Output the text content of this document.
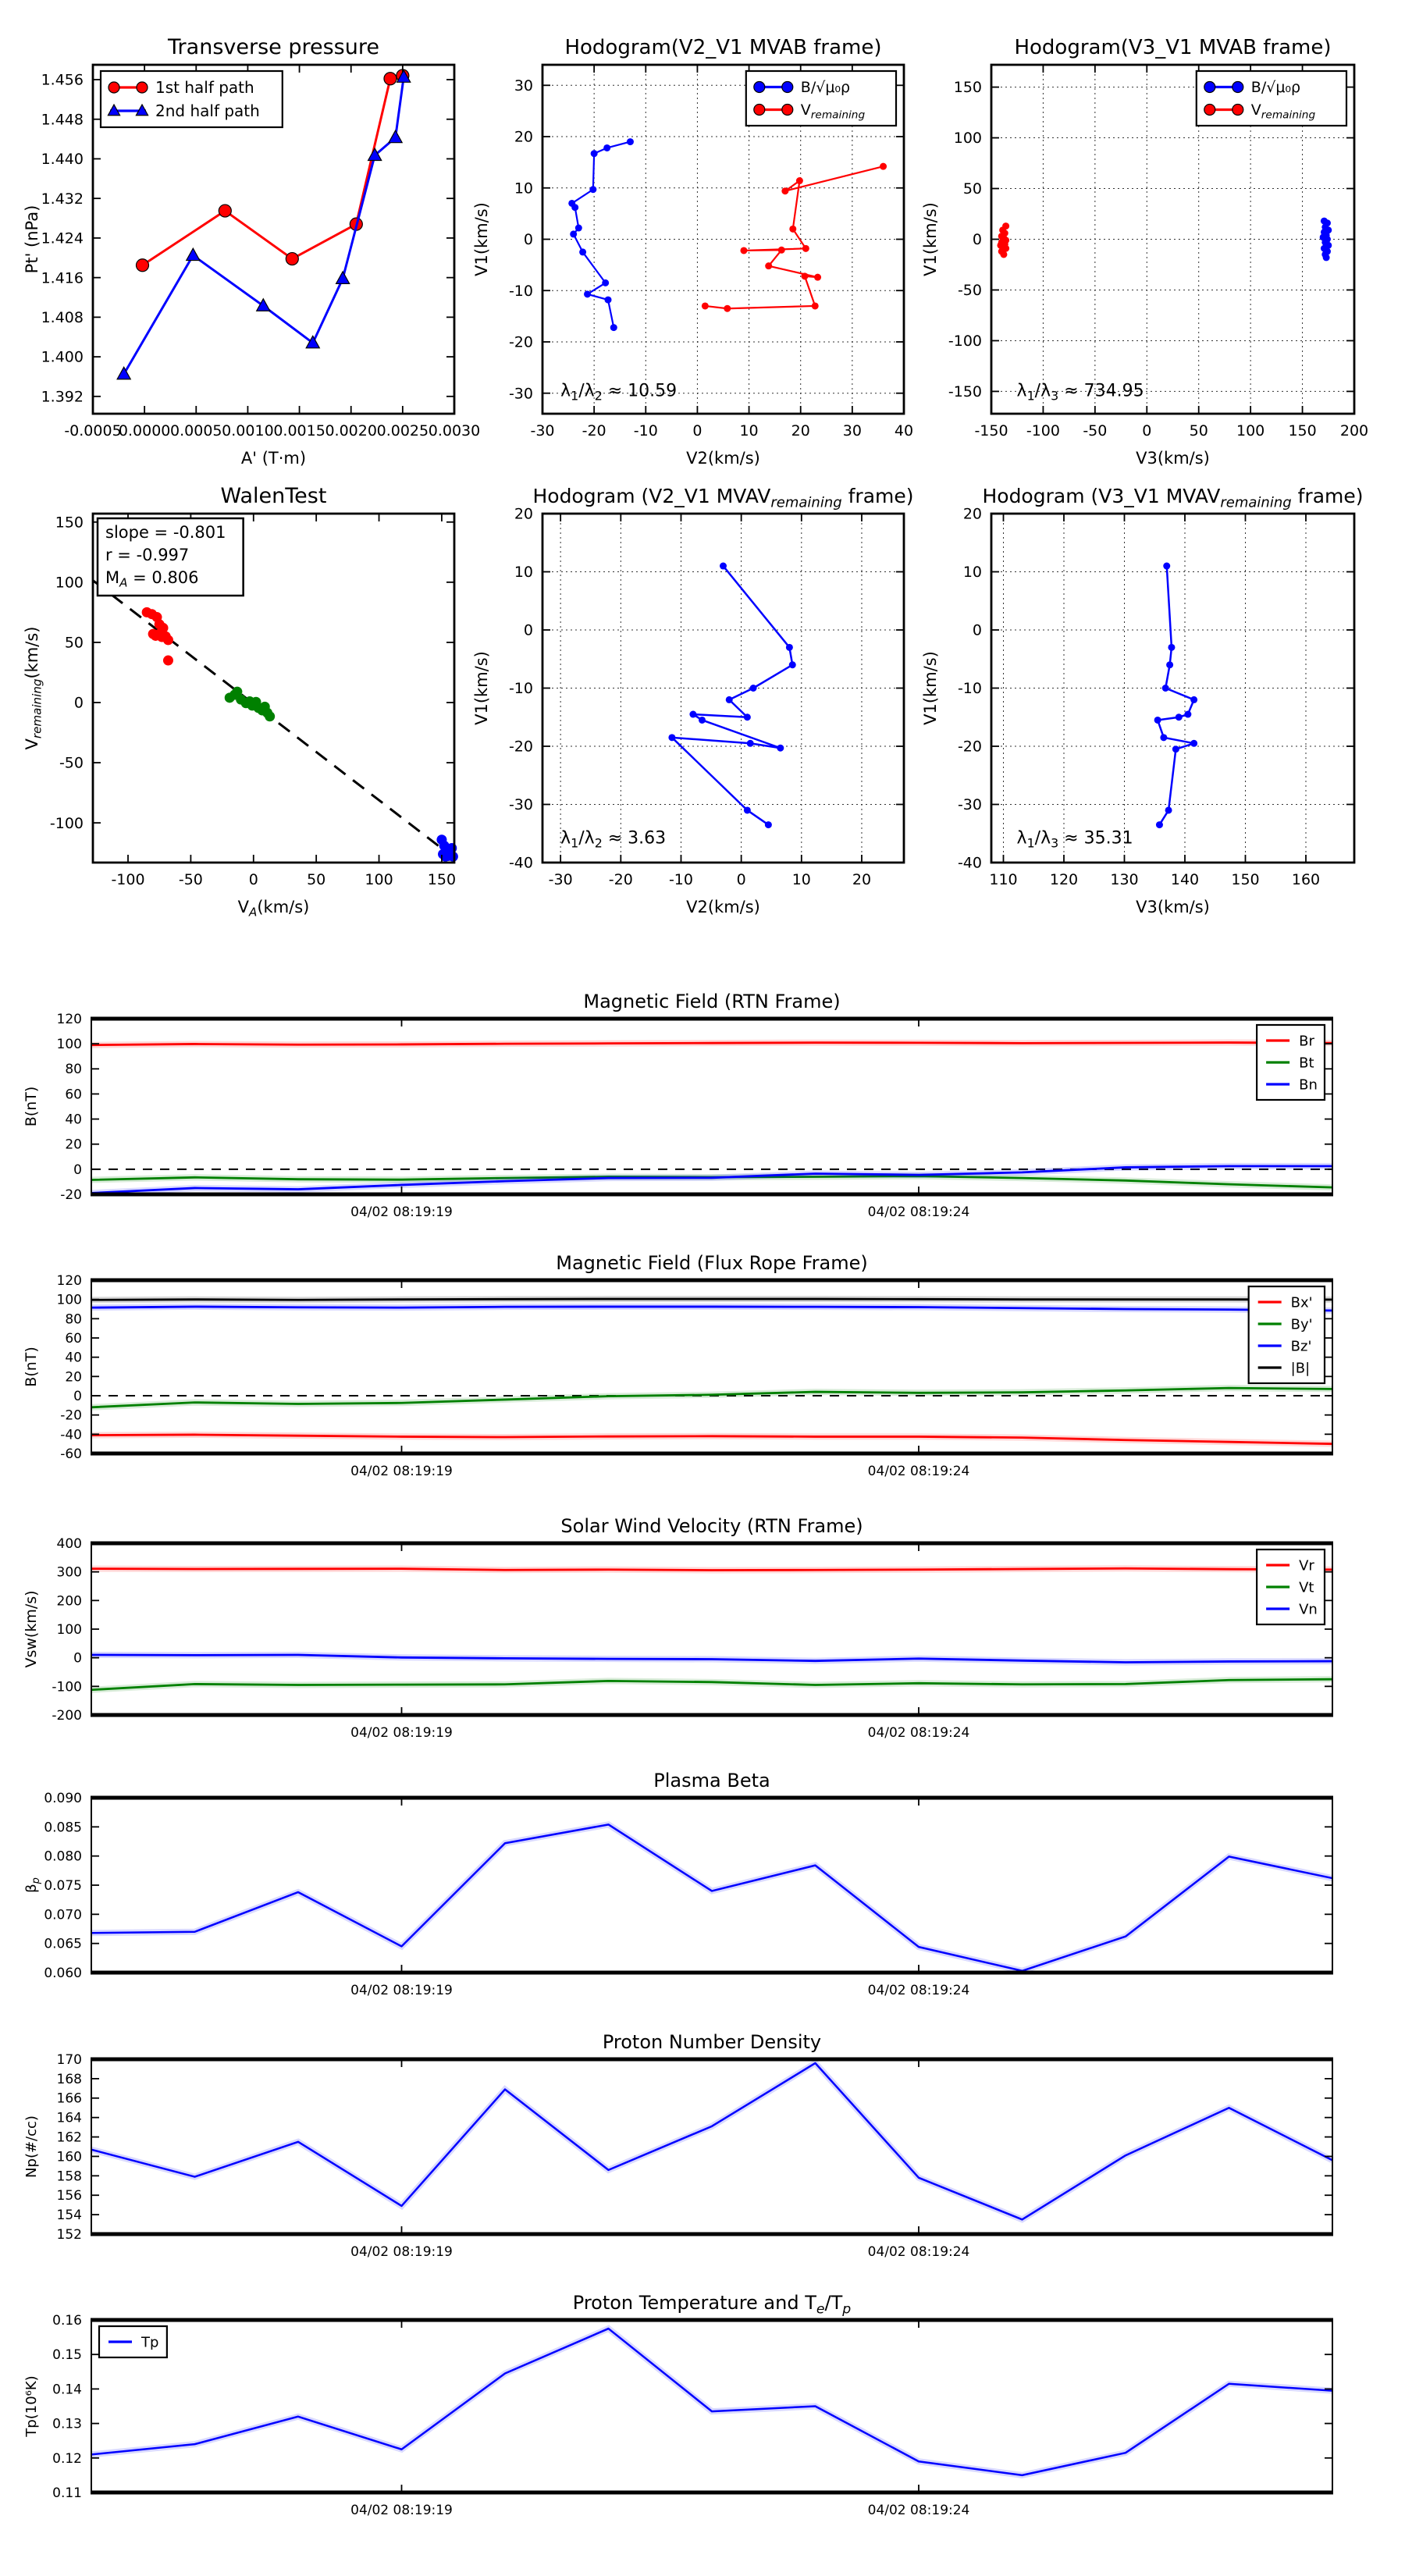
-0.0005
0.0000 0.0005 0.0010 0.0015 0.0020 0.0025 0.0030
1.392
1.400
1.408
1.416
1.424
1.432
1.440
1.448
1.456
Transverse pressure
A' (T·m)
Pt' (nPa)
1st half path
2nd half path
-30 -20 -10 0	10 20 30 40
-30
-20
-10
0
10
20
30
Hodogram(V2_V1 MVAB frame)
V2(km/s)
V1(km/s)
$\lambda_1/\lambda_2 \approx 10.59$
B/√μ₀ρ
$V_{remaining}$
-150 -100 -50 0	50 100 150 200
-150
-100
-50
0
50
100
150
Hodogram(V3_V1 MVAB frame)
V3(km/s)
V1(km/s)
$\lambda_1/\lambda_3 \approx 734.95$
B/√μ₀ρ
$V_{remaining}$
-100 -50	0	50	100 150
-100
-50
0
50
100
150
WalenTest
$V_A(km/s)$
$V_{remaining}(km/s)$
slope = -0.801
r = -0.997
$M_A = 0.806$
-30 -20 -10	0	10	20
-40
-30
-20
-10
0
10
20
Hodogram (V2_V1 $MVAV_{remaining}$ frame)
V2(km/s)
V1(km/s)
$\lambda_1/\lambda_2 \approx 3.63$
110 120 130 140 150 160
-40
-30
-20
-10
0
10
20
Hodogram (V3_V1 $MVAV_{remaining}$ frame)
V3(km/s)
V1(km/s)
$\lambda_1/\lambda_3 \approx 35.31$
04/02 08:19:19	04/02 08:19:24
-20
0
20
40
60
80
100
120
Magnetic Field (RTN Frame)
B(nT)
Br
Bt
Bn
04/02 08:19:19	04/02 08:19:24
-60
-40
-20
0
20
40
60
80
100
120
Magnetic Field (Flux Rope Frame)
B(nT)
Bx'
By'
Bz'
|B|
04/02 08:19:19	04/02 08:19:24
-200
-100
0
100
200
300
400
Solar Wind Velocity (RTN Frame)
Vsw(km/s)
Vr
Vt
Vn
04/02 08:19:19	04/02 08:19:24
0.060
0.065
0.070
0.075
0.080
0.085
0.090
Plasma Beta
$\beta_p$
04/02 08:19:19	04/02 08:19:24
152
154
156
158
160
162
164
166
168
170
Proton Number Density
Np(#/cc)
04/02 08:19:19	04/02 08:19:24
0.11
0.12
0.13
0.14
0.15
0.16
Proton Temperature and $T_e/T_p$
Tp(10⁶K)
Tp
